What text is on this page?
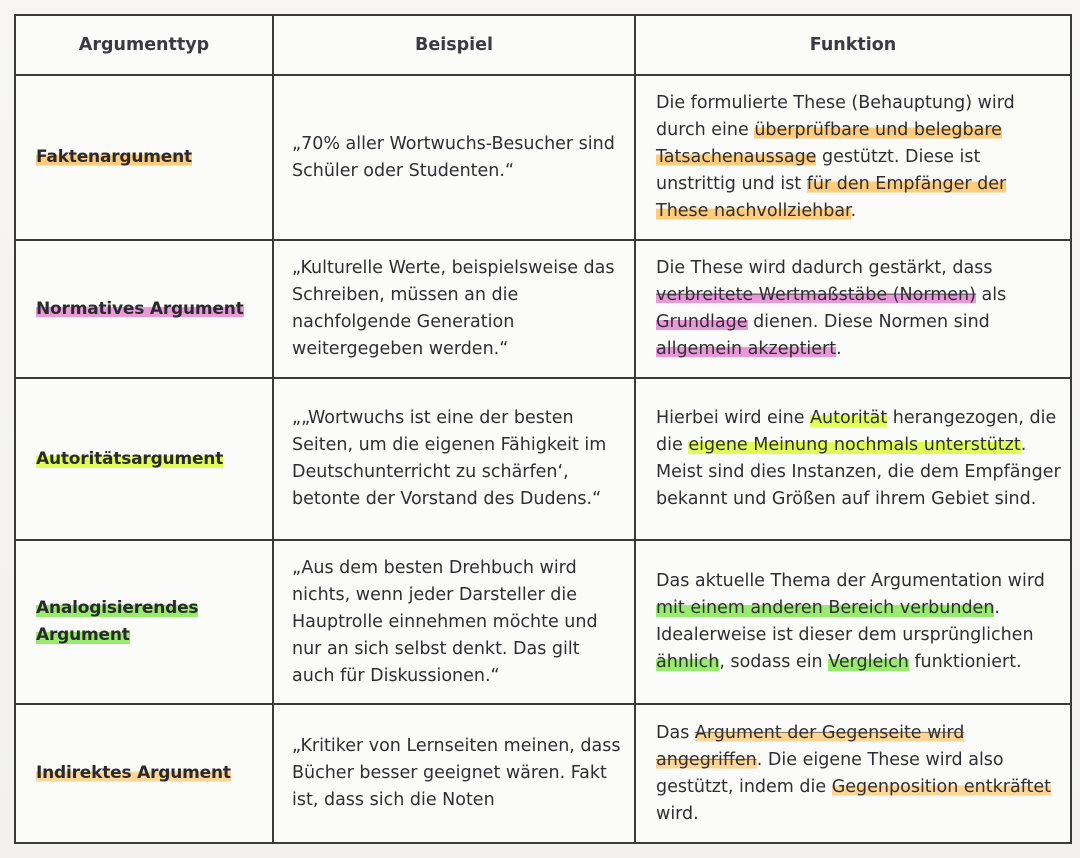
Argumenttyp	Beispiel	Funktion
Faktenargument	„70% aller Wortwuchs-Besucher sind Schüler oder Studenten.“	Die formulierte These (Behauptung) wird durch eine überprüfbare und belegbare Tatsachenaussage gestützt. Diese ist unstrittig und ist für den Empfänger der These nachvollziehbar.
Normatives Argument	„Kulturelle Werte, beispielsweise das Schreiben, müssen an die nachfolgende Generation weitergegeben werden.“	Die These wird dadurch gestärkt, dass verbreitete Wertmaßstäbe (Normen) als Grundlage dienen. Diese Normen sind allgemein akzeptiert.
Autoritätsargument	„„Wortwuchs ist eine der besten Seiten, um die eigenen Fähigkeit im Deutschunterricht zu schärfen‘, betonte der Vorstand des Dudens.“	Hierbei wird eine Autorität herangezogen, die die eigene Meinung nochmals unterstützt. Meist sind dies Instanzen, die dem Empfänger bekannt und Größen auf ihrem Gebiet sind.
Analogisierendes Argument	„Aus dem besten Drehbuch wird nichts, wenn jeder Darsteller die Hauptrolle einnehmen möchte und nur an sich selbst denkt. Das gilt auch für Diskussionen.“	Das aktuelle Thema der Argumentation wird mit einem anderen Bereich verbunden. Idealerweise ist dieser dem ursprünglichen ähnlich, sodass ein Vergleich funktioniert.
Indirektes Argument	„Kritiker von Lernseiten meinen, dass Bücher besser geeignet wären. Fakt ist, dass sich die Noten	Das Argument der Gegenseite wird angegriffen. Die eigene These wird also gestützt, indem die Gegenposition entkräftet wird.
